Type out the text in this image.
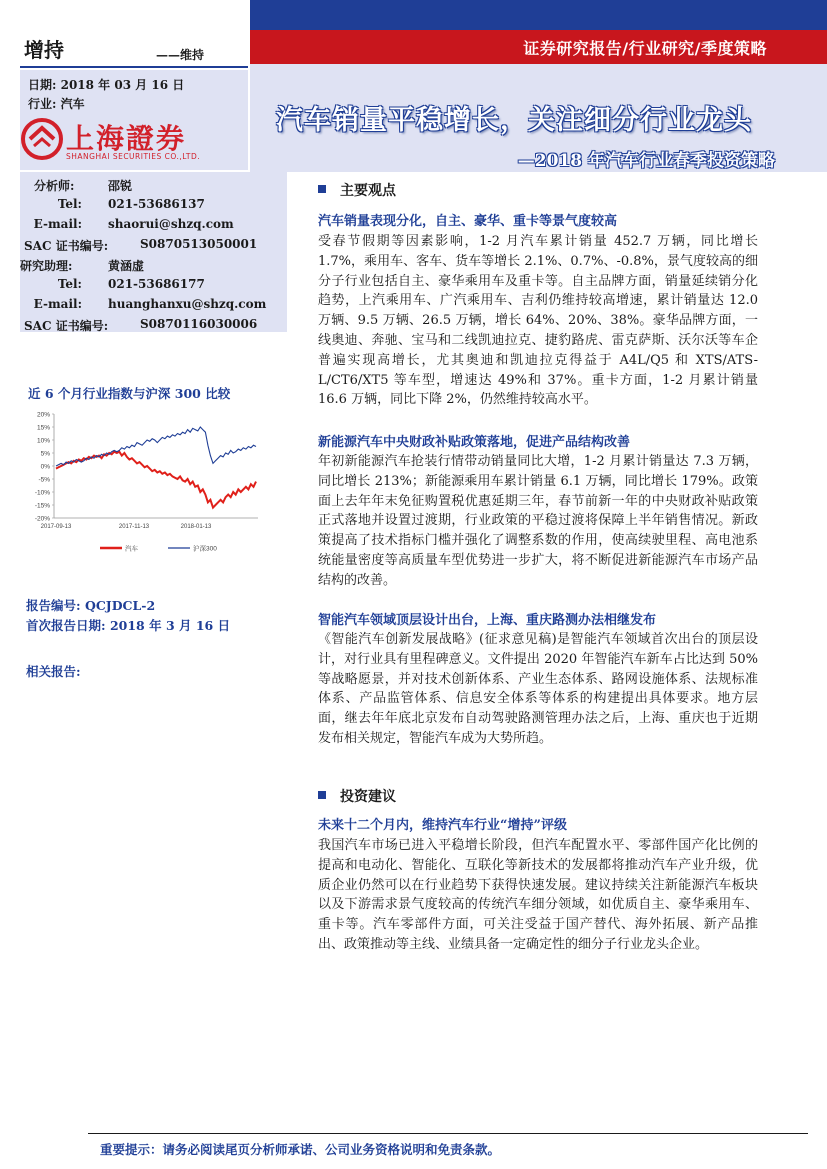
增持	——维持
日期: 2018 年 03 月 16 日
行业: 汽车
上海證券
SHANGHAI SECURITIES CO.,LTD.
分析师:	邵锐
Tel: 021-53686137
E-mail: shaorui@shzq.com
SAC 证书编号:	S0870513050001
研究助理:	黄涵虚
Tel: 021-53686177
E-mail: huanghanxu@shzq.com
SAC 证书编号:	S0870116030006
近 6 个月行业指数与沪深 300 比较
20%
15%
10%
5%
0%
-5%
-10%
-15%
-20%
2017-09-13	2017-11-13	2018-01-13
汽车	沪深300
报告编号: QCJDCL-2
首次报告日期: 2018 年 3 月 16 日
相关报告:
证券研究报告/行业研究/季度策略
汽车销量平稳增长，关注细分行业龙头
—2018 年汽车行业春季投资策略
主要观点
汽车销量表现分化，自主、豪华、重卡等景气度较高
受春节假期等因素影响，1-2 月汽车累计销量 452.7 万辆，同比增长 1.7%，乘用车、客车、货车等增长 2.1%、0.7%、-0.8%，景气度较高的细分子行业包括自主、豪华乘用车及重卡等。自主品牌方面，销量延续销分化趋势，上汽乘用车、广汽乘用车、吉利仍维持较高增速，累计销量达 12.0 万辆、9.5 万辆、26.5 万辆，增长 64%、20%、38%。豪华品牌方面，一线奥迪、奔驰、宝马和二线凯迪拉克、捷豹路虎、雷克萨斯、沃尔沃等车企普遍实现高增长，尤其奥迪和凯迪拉克得益于 A4L/Q5 和 XTS/ATS-L/CT6/XT5 等车型，增速达 49%和 37%。重卡方面，1-2 月累计销量 16.6 万辆，同比下降 2%，仍然维持较高水平。
新能源汽车中央财政补贴政策落地，促进产品结构改善
年初新能源汽车抢装行情带动销量同比大增，1-2 月累计销量达 7.3 万辆，同比增长 213%；新能源乘用车累计销量 6.1 万辆，同比增长 179%。政策面上去年年末免征购置税优惠延期三年，春节前新一年的中央财政补贴政策正式落地并设置过渡期，行业政策的平稳过渡将保障上半年销售情况。新政策提高了技术指标门槛并强化了调整系数的作用，使高续驶里程、高电池系统能量密度等高质量车型优势进一步扩大，将不断促进新能源汽车市场产品结构的改善。
智能汽车领域顶层设计出台，上海、重庆路测办法相继发布
《智能汽车创新发展战略》(征求意见稿)是智能汽车领域首次出台的顶层设计，对行业具有里程碑意义。文件提出 2020 年智能汽车新车占比达到 50%等战略愿景，并对技术创新体系、产业生态体系、路网设施体系、法规标准体系、产品监管体系、信息安全体系等体系的构建提出具体要求。地方层面，继去年年底北京发布自动驾驶路测管理办法之后，上海、重庆也于近期发布相关规定，智能汽车成为大势所趋。
投资建议
未来十二个月内，维持汽车行业“增持”评级
我国汽车市场已进入平稳增长阶段，但汽车配置水平、零部件国产化比例的提高和电动化、智能化、互联化等新技术的发展都将推动汽车产业升级，优质企业仍然可以在行业趋势下获得快速发展。建议持续关注新能源汽车板块以及下游需求景气度较高的传统汽车细分领域，如优质自主、豪华乘用车、重卡等。汽车零部件方面，可关注受益于国产替代、海外拓展、新产品推出、政策推动等主线、业绩具备一定确定性的细分子行业龙头企业。
重要提示：请务必阅读尾页分析师承诺、公司业务资格说明和免责条款。
